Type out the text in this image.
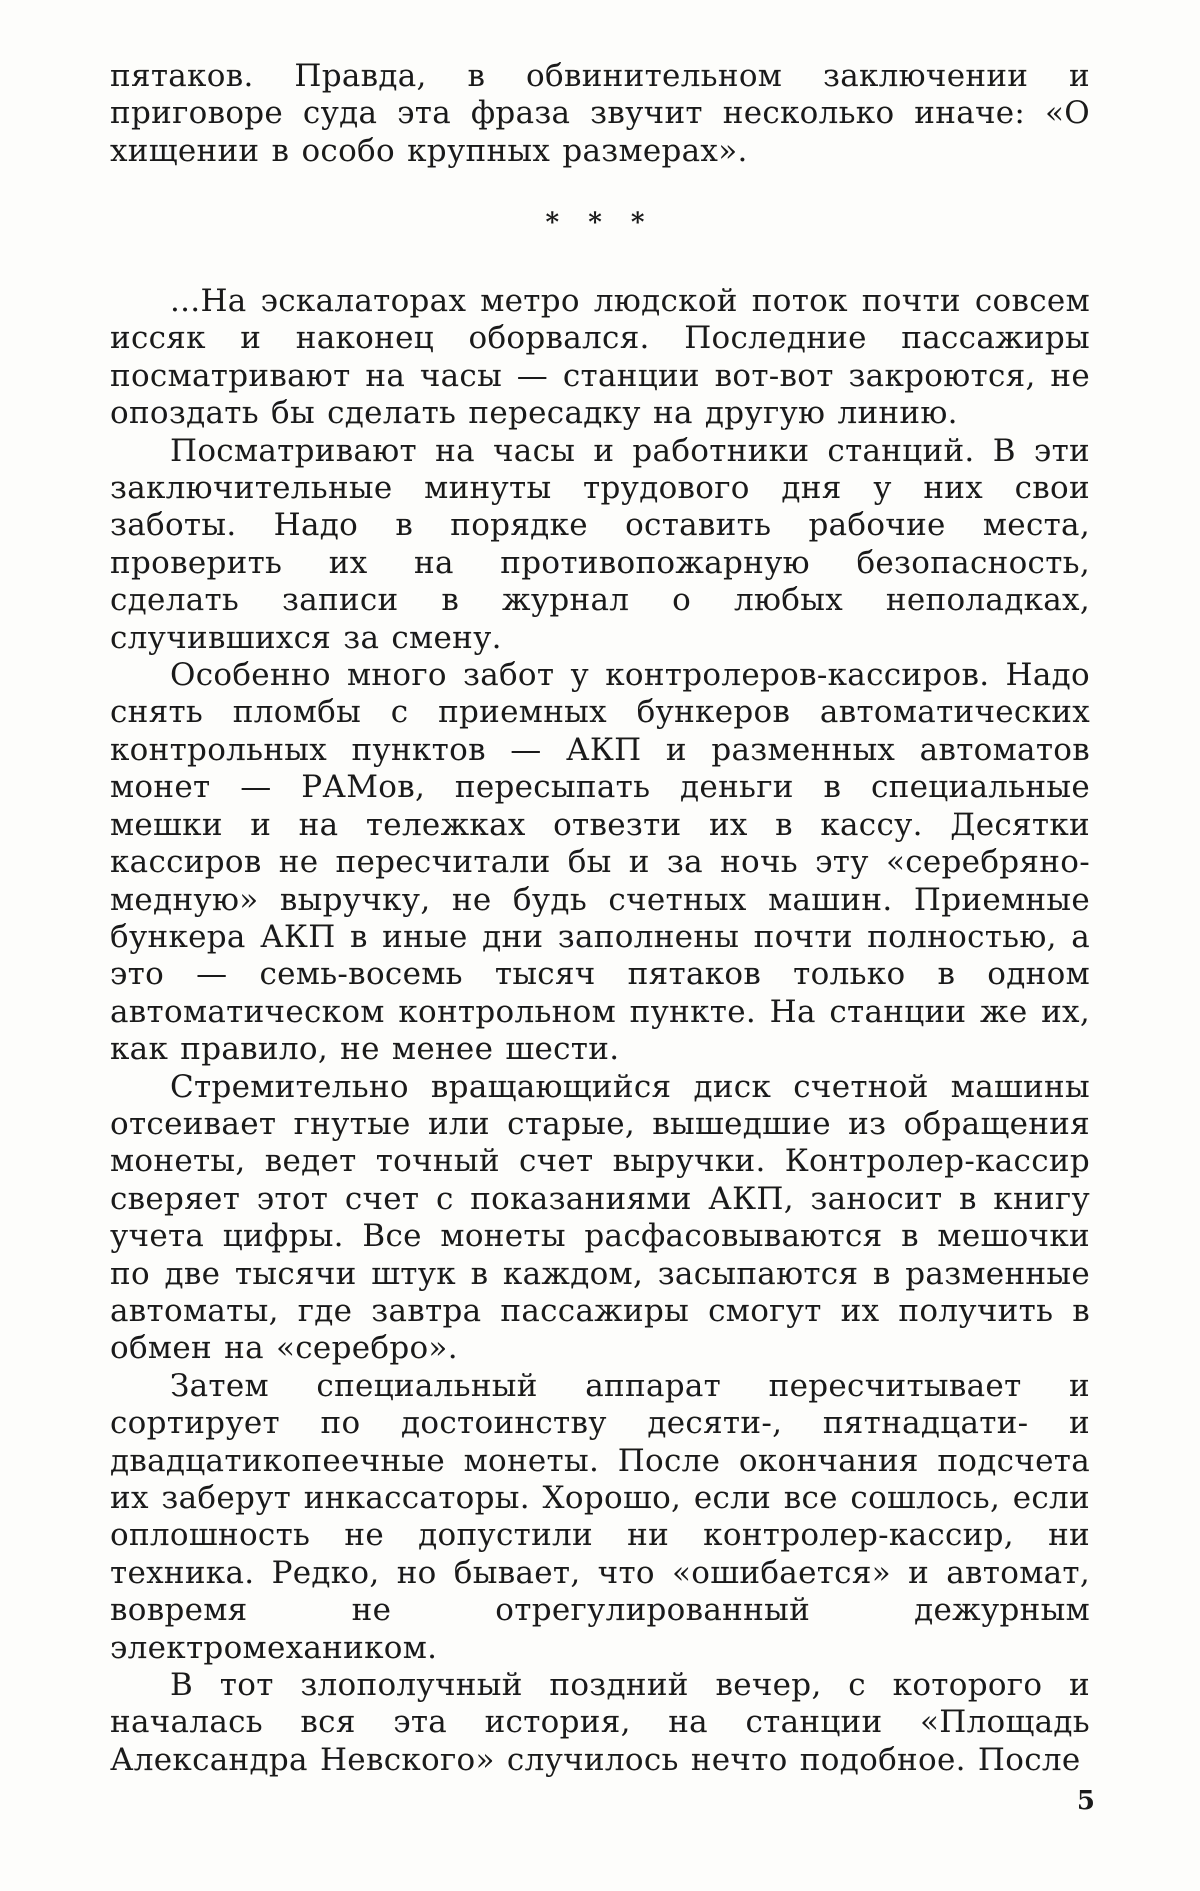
пятаков. Правда, в обвинительном заключении и приговоре суда эта фраза звучит несколько иначе: «О хищении в особо крупных размерах».

* * *

...На эскалаторах метро людской поток почти совсем иссяк и наконец оборвался. Последние пассажиры посматривают на часы — станции вот-вот закроются, не опоздать бы сделать пересадку на другую линию.

Посматривают на часы и работники станций. В эти заключительные минуты трудового дня у них свои заботы. Надо в порядке оставить рабочие места, проверить их на противопожарную безопасность, сделать записи в журнал о любых неполадках, случившихся за смену.

Особенно много забот у контролеров-кассиров. Надо снять пломбы с приемных бункеров автоматических контрольных пунктов — АКП и разменных автоматов монет — РАМов, пересыпать деньги в специальные мешки и на тележках отвезти их в кассу. Десятки кассиров не пересчитали бы и за ночь эту «серебряно-медную» выручку, не будь счетных машин. Приемные бункера АКП в иные дни заполнены почти полностью, а это — семь-восемь тысяч пятаков только в одном автоматическом контрольном пункте. На станции же их, как правило, не менее шести.

Стремительно вращающийся диск счетной машины отсеивает гнутые или старые, вышедшие из обращения монеты, ведет точный счет выручки. Контролер-кассир сверяет этот счет с показаниями АКП, заносит в книгу учета цифры. Все монеты расфасовываются в мешочки по две тысячи штук в каждом, засыпаются в разменные автоматы, где завтра пассажиры смогут их получить в обмен на «серебро».

Затем специальный аппарат пересчитывает и сортирует по достоинству десяти-, пятнадцати- и двадцатикопеечные монеты. После окончания подсчета их заберут инкассаторы. Хорошо, если все сошлось, если оплошность не допустили ни контролер-кассир, ни техника. Редко, но бывает, что «ошибается» и автомат, вовремя не отрегулированный дежурным электромехаником.

В тот злополучный поздний вечер, с которого и началась вся эта история, на станции «Площадь Александра Невского» случилось нечто подобное. После

5
